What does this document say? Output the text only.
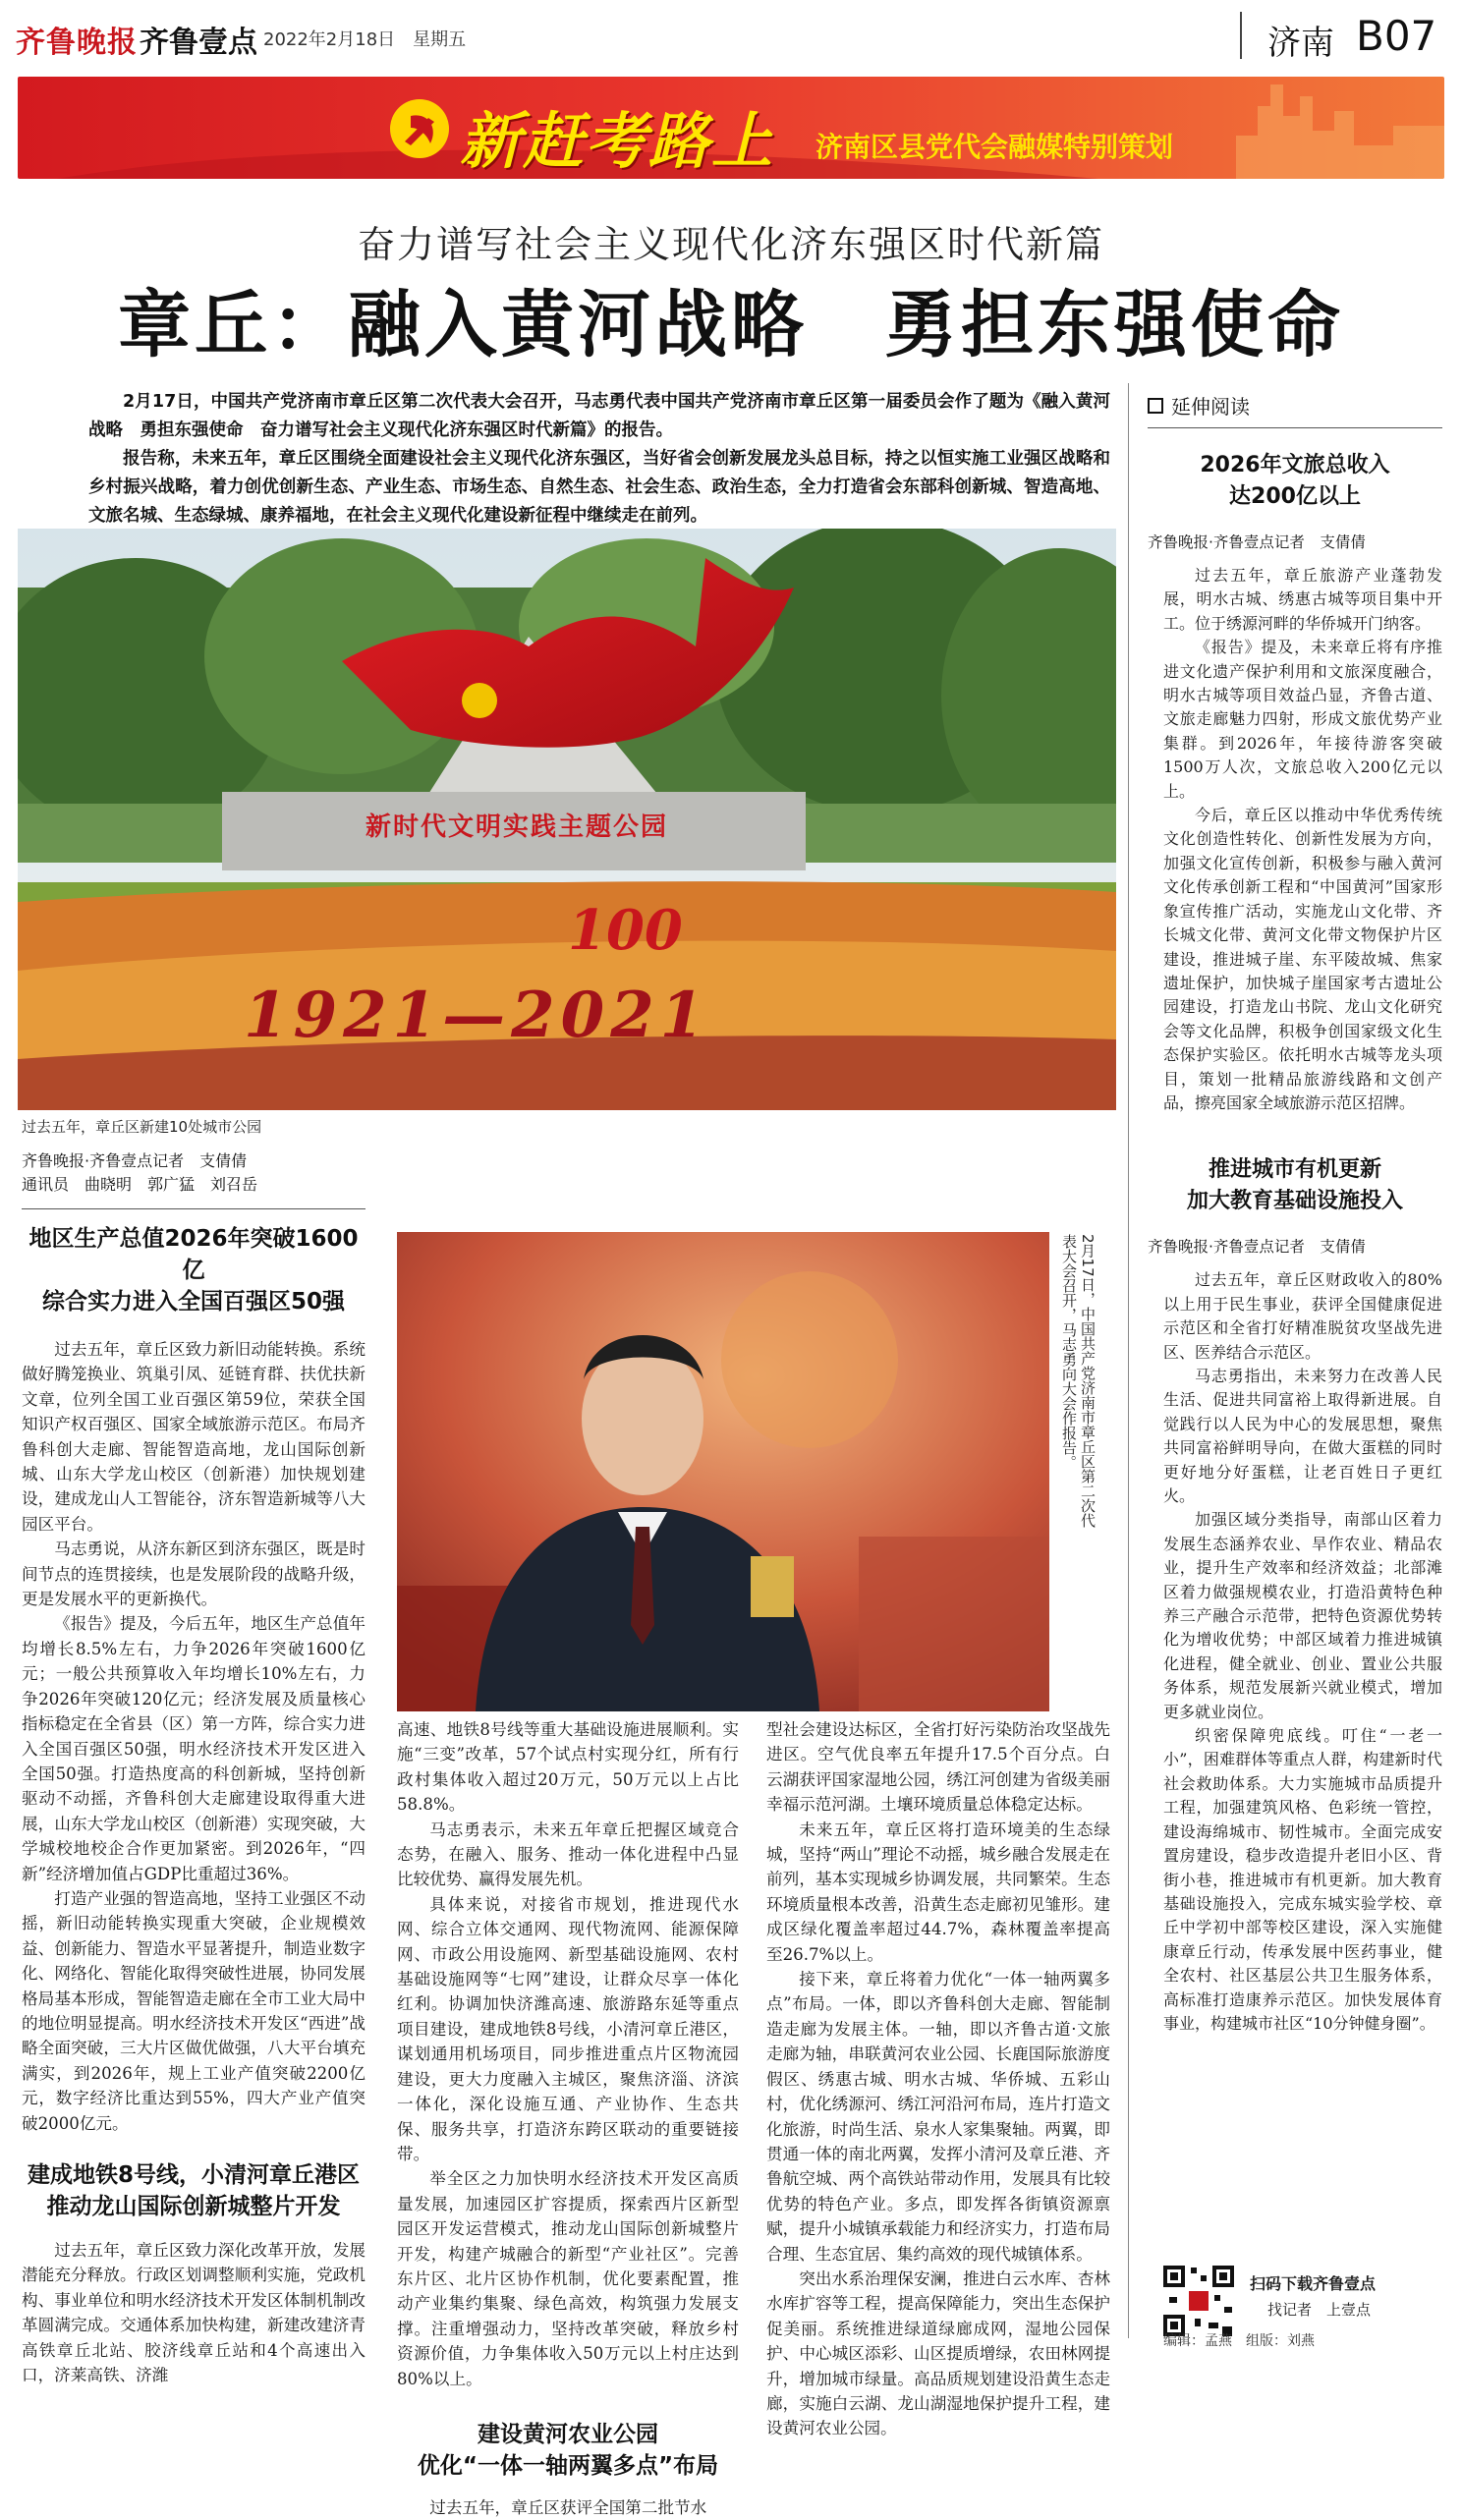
齐鲁晚报 齐鲁壹点 2022年2月18日　 星期五	济南 B07
新赶考路上 济南区县党代会融媒特别策划
奋力谱写社会主义现代化济东强区时代新篇
章丘：融入黄河战略　勇担东强使命
2月17日，中国共产党济南市章丘区第二次代表大会召开，马志勇代表中国共产党济南市章丘区第一届委员会作了题为《融入黄河战略　勇担东强使命　奋力谱写社会主义现代化济东强区时代新篇》的报告。
报告称，未来五年，章丘区围绕全面建设社会主义现代化济东强区，当好省会创新发展龙头总目标，持之以恒实施工业强区战略和乡村振兴战略，着力创优创新生态、产业生态、市场生态、自然生态、社会生态、政治生态，全力打造省会东部科创新城、智造高地、文旅名城、生态绿城、康养福地，在社会主义现代化建设新征程中继续走在前列。
新时代文明实践主题公园
100
1921—2021
过去五年，章丘区新建10处城市公园
齐鲁晚报·齐鲁壹点记者　支倩倩
通讯员　曲晓明　郭广猛　刘召岳
地区生产总值2026年突破1600亿
综合实力进入全国百强区50强

过去五年，章丘区致力新旧动能转换。系统做好腾笼换业、筑巢引凤、延链育群、扶优扶新文章，位列全国工业百强区第59位，荣获全国知识产权百强区、国家全域旅游示范区。布局齐鲁科创大走廊、智能智造高地，龙山国际创新城、山东大学龙山校区（创新港）加快规划建设，建成龙山人工智能谷，济东智造新城等八大园区平台。

马志勇说，从济东新区到济东强区，既是时间节点的连贯接续，也是发展阶段的战略升级，更是发展水平的更新换代。

《报告》提及，今后五年，地区生产总值年均增长8.5%左右，力争2026年突破1600亿元；一般公共预算收入年均增长10%左右，力争2026年突破120亿元；经济发展及质量核心指标稳定在全省县（区）第一方阵，综合实力进入全国百强区50强，明水经济技术开发区进入全国50强。打造热度高的科创新城，坚持创新驱动不动摇，齐鲁科创大走廊建设取得重大进展，山东大学龙山校区（创新港）实现突破，大学城校地校企合作更加紧密。到2026年，“四新”经济增加值占GDP比重超过36%。

打造产业强的智造高地，坚持工业强区不动摇，新旧动能转换实现重大突破，企业规模效益、创新能力、智造水平显著提升，制造业数字化、网络化、智能化取得突破性进展，协同发展格局基本形成，智能智造走廊在全市工业大局中的地位明显提高。明水经济技术开发区“西进”战略全面突破，三大片区做优做强，八大平台填充满实，到2026年，规上工业产值突破2200亿元，数字经济比重达到55%，四大产业产值突破2000亿元。

建成地铁8号线，小清河章丘港区
推动龙山国际创新城整片开发

过去五年，章丘区致力深化改革开放，发展潜能充分释放。行政区划调整顺利实施，党政机构、事业单位和明水经济技术开发区体制机制改革圆满完成。交通体系加快构建，新建改建济青高铁章丘北站、胶济线章丘站和4个高速出入口，济莱高铁、济潍

2月17日，中国共产党济南市章丘区第二次代表大会召开，马志勇向大会作报告。

高速、地铁8号线等重大基础设施进展顺利。实施“三变”改革，57个试点村实现分红，所有行政村集体收入超过20万元，50万元以上占比58.8%。

马志勇表示，未来五年章丘把握区域竞合态势，在融入、服务、推动一体化进程中凸显比较优势、赢得发展先机。

具体来说，对接省市规划，推进现代水网、综合立体交通网、现代物流网、能源保障网、市政公用设施网、新型基础设施网、农村基础设施网等“七网”建设，让群众尽享一体化红利。协调加快济潍高速、旅游路东延等重点项目建设，建成地铁8号线，小清河章丘港区，谋划通用机场项目，同步推进重点片区物流园建设，更大力度融入主城区，聚焦济淄、济滨一体化，深化设施互通、产业协作、生态共保、服务共享，打造济东跨区联动的重要链接带。

举全区之力加快明水经济技术开发区高质量发展，加速园区扩容提质，探索西片区新型园区开发运营模式，推动龙山国际创新城整片开发，构建产城融合的新型“产业社区”。完善东片区、北片区协作机制，优化要素配置，推动产业集约集聚、绿色高效，构筑强力发展支撑。注重增强动力，坚持改革突破，释放乡村资源价值，力争集体收入50万元以上村庄达到80%以上。

建设黄河农业公园
优化“一体一轴两翼多点”布局

过去五年，章丘区获评全国第二批节水

型社会建设达标区，全省打好污染防治攻坚战先进区。空气优良率五年提升17.5个百分点。白云湖获评国家湿地公园，绣江河创建为省级美丽幸福示范河湖。土壤环境质量总体稳定达标。

未来五年，章丘区将打造环境美的生态绿城，坚持“两山”理论不动摇，城乡融合发展走在前列，基本实现城乡协调发展，共同繁荣。生态环境质量根本改善，沿黄生态走廊初见雏形。建成区绿化覆盖率超过44.7%，森林覆盖率提高至26.7%以上。

接下来，章丘将着力优化“一体一轴两翼多点”布局。一体，即以齐鲁科创大走廊、智能制造走廊为发展主体。一轴，即以齐鲁古道·文旅走廊为轴，串联黄河农业公园、长鹿国际旅游度假区、绣惠古城、明水古城、华侨城、五彩山村，优化绣源河、绣江河沿河布局，连片打造文化旅游，时尚生活、泉水人家集聚轴。两翼，即贯通一体的南北两翼，发挥小清河及章丘港、齐鲁航空城、两个高铁站带动作用，发展具有比较优势的特色产业。多点，即发挥各街镇资源禀赋，提升小城镇承载能力和经济实力，打造布局合理、生态宜居、集约高效的现代城镇体系。

突出水系治理保安澜，推进白云水库、杏林水库扩容等工程，提高保障能力，突出生态保护促美丽。系统推进绿道绿廊成网，湿地公园保护、中心城区添彩、山区提质增绿，农田林网提升，增加城市绿量。高品质规划建设沿黄生态走廊，实施白云湖、龙山湖湿地保护提升工程，建设黄河农业公园。

延伸阅读
2026年文旅总收入
达200亿以上
齐鲁晚报·齐鲁壹点记者　支倩倩

过去五年，章丘旅游产业蓬勃发展，明水古城、绣惠古城等项目集中开工。位于绣源河畔的华侨城开门纳客。

《报告》提及，未来章丘将有序推进文化遗产保护利用和文旅深度融合，明水古城等项目效益凸显，齐鲁古道、文旅走廊魅力四射，形成文旅优势产业集群。到2026年，年接待游客突破1500万人次，文旅总收入200亿元以上。

今后，章丘区以推动中华优秀传统文化创造性转化、创新性发展为方向，加强文化宣传创新，积极参与融入黄河文化传承创新工程和“中国黄河”国家形象宣传推广活动，实施龙山文化带、齐长城文化带、黄河文化带文物保护片区建设，推进城子崖、东平陵故城、焦家遗址保护，加快城子崖国家考古遗址公园建设，打造龙山书院、龙山文化研究会等文化品牌，积极争创国家级文化生态保护实验区。依托明水古城等龙头项目，策划一批精品旅游线路和文创产品，擦亮国家全域旅游示范区招牌。

推进城市有机更新
加大教育基础设施投入
齐鲁晚报·齐鲁壹点记者　支倩倩

过去五年，章丘区财政收入的80%以上用于民生事业，获评全国健康促进示范区和全省打好精准脱贫攻坚战先进区、医养结合示范区。

马志勇指出，未来努力在改善人民生活、促进共同富裕上取得新进展。自觉践行以人民为中心的发展思想，聚焦共同富裕鲜明导向，在做大蛋糕的同时更好地分好蛋糕，让老百姓日子更红火。

加强区域分类指导，南部山区着力发展生态涵养农业、旱作农业、精品农业，提升生产效率和经济效益；北部滩区着力做强规模农业，打造沿黄特色种养三产融合示范带，把特色资源优势转化为增收优势；中部区域着力推进城镇化进程，健全就业、创业、置业公共服务体系，规范发展新兴就业模式，增加更多就业岗位。

织密保障兜底线。叮住“一老一小”，困难群体等重点人群，构建新时代社会救助体系。大力实施城市品质提升工程，加强建筑风格、色彩统一管控，建设海绵城市、韧性城市。全面完成安置房建设，稳步改造提升老旧小区、背街小巷，推进城市有机更新。加大教育基础设施投入，完成东城实验学校、章丘中学初中部等校区建设，深入实施健康章丘行动，传承发展中医药事业，健全农村、社区基层公共卫生服务体系，高标准打造康养示范区。加快发展体育事业，构建城市社区“10分钟健身圈”。

扫码下载齐鲁壹点
找记者　上壹点
编辑：孟燕　组版：刘燕
